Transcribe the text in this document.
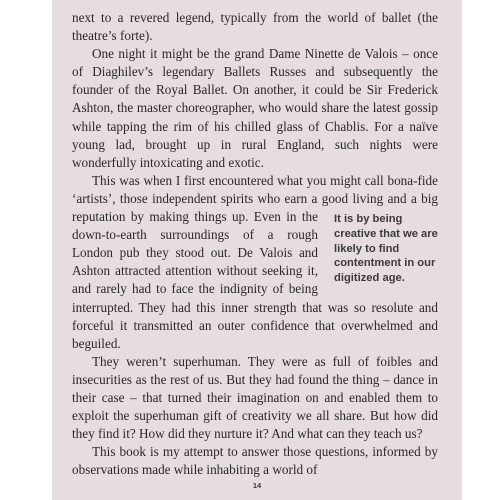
next to a revered legend, typically from the world of ballet (the theatre’s forte).

One night it might be the grand Dame Ninette de Valois – once of Diaghilev’s legendary Ballets Russes and subsequently the founder of the Royal Ballet. On another, it could be Sir Frederick Ashton, the master choreographer, who would share the latest gossip while tapping the rim of his chilled glass of Chablis. For a naïve young lad, brought up in rural England, such nights were wonderfully intoxicating and exotic.

This was when I first encountered what you might call bona-fide ‘artists’, those independent spirits who earn a good living and a big reputation by	It is by being creative that we are likely to find contentment in our digitized age.
making things up. Even in the down-to-earth surroundings of a rough London pub they stood out. De Valois and Ashton attracted attention without seeking it, and rarely had to face the indignity of being interrupted. They had this inner strength that was so resolute and forceful it transmitted an outer confidence that overwhelmed and beguiled.

They weren’t superhuman. They were as full of foibles and insecurities as the rest of us. But they had found the thing – dance in their case – that turned their imagination on and enabled them to exploit the superhuman gift of creativity we all share. But how did they find it? How did they nurture it? And what can they teach us?

This book is my attempt to answer those questions, informed by observations made while inhabiting a world of

14
